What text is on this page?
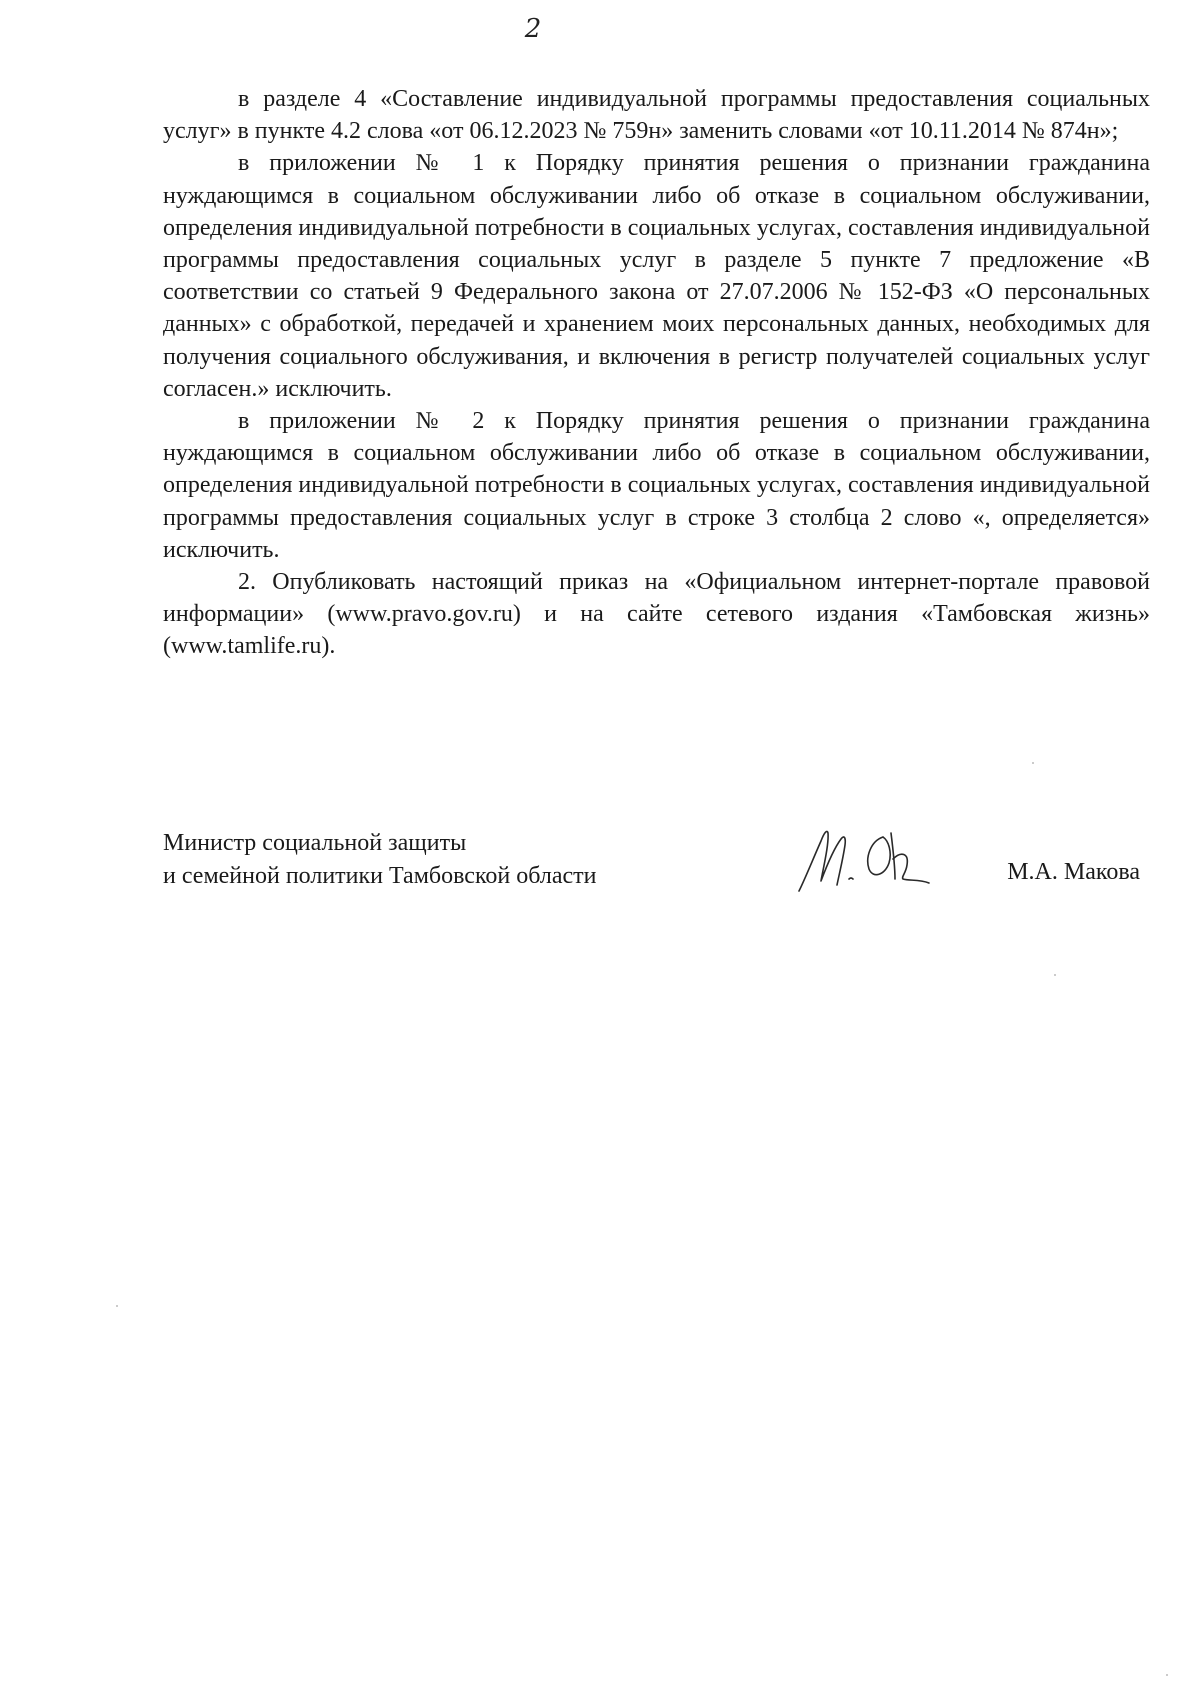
2

в разделе 4 «Составление индивидуальной программы предоставления социальных услуг» в пункте 4.2 слова «от 06.12.2023 № 759н» заменить словами «от 10.11.2014 № 874н»;

в приложении № 1 к Порядку принятия решения о признании гражданина нуждающимся в социальном обслуживании либо об отказе в социальном обслуживании, определения индивидуальной потребности в социальных услугах, составления индивидуальной программы предоставления социальных услуг в разделе 5 пункте 7 предложение «В соответствии со статьей 9 Федерального закона от 27.07.2006 № 152-ФЗ «О персональных данных» с обработкой, передачей и хранением моих персональных данных, необходимых для получения социального обслуживания, и включения в регистр получателей социальных услуг согласен.» исключить.

в приложении № 2 к Порядку принятия решения о признании гражданина нуждающимся в социальном обслуживании либо об отказе в социальном обслуживании, определения индивидуальной потребности в социальных услугах, составления индивидуальной программы предоставления социальных услуг в строке 3 столбца 2 слово «, определяется» исключить.

2. Опубликовать настоящий приказ на «Официальном интернет-портале правовой информации» (www.pravo.gov.ru) и на сайте сетевого издания «Тамбовская жизнь» (www.tamlife.ru).

Министр социальной защиты
и семейной политики Тамбовской области	М.А. Макова
